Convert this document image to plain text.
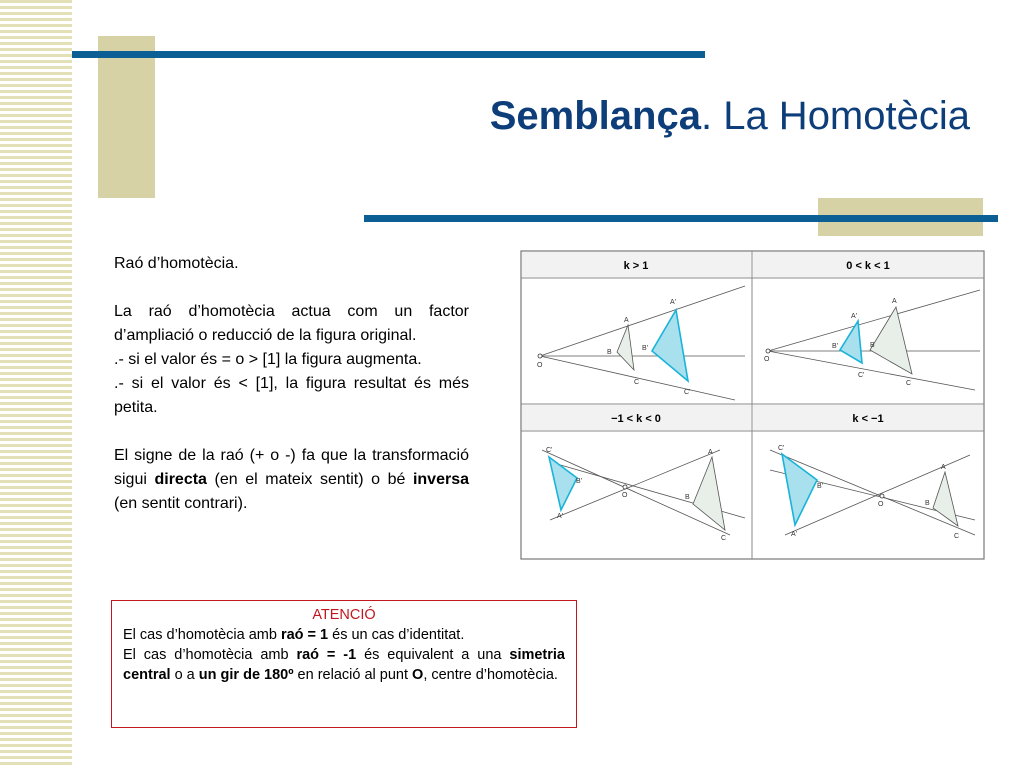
Semblança. La Homotècia

Raó d’homotècia.

La raó d’homotècia actua com un factor d’ampliació o reducció de la figura original.

.- si el valor és = o > [1] la figura augmenta.

.- si el valor és < [1], la figura resultat és més petita.

El signe de la raó (+ o -) fa que la transformació sigui directa (en el mateix sentit) o bé inversa (en sentit contrari).

k > 1	0 < k < 1
−1 < k < 0	k < −1
O
A
B
C
A'
B'
C'
O
A
B
C
A'
B'
C'
O
A
B
C
A'
B'
C'
O
A
B
C
A'
B'
C'
ATENCIÓ
El cas d’homotècia amb raó = 1 és un cas d’identitat.
El cas d’homotècia amb raó = -1 és equivalent a una simetria central o a un gir de 180º en relació al punt O, centre d’homotècia.
